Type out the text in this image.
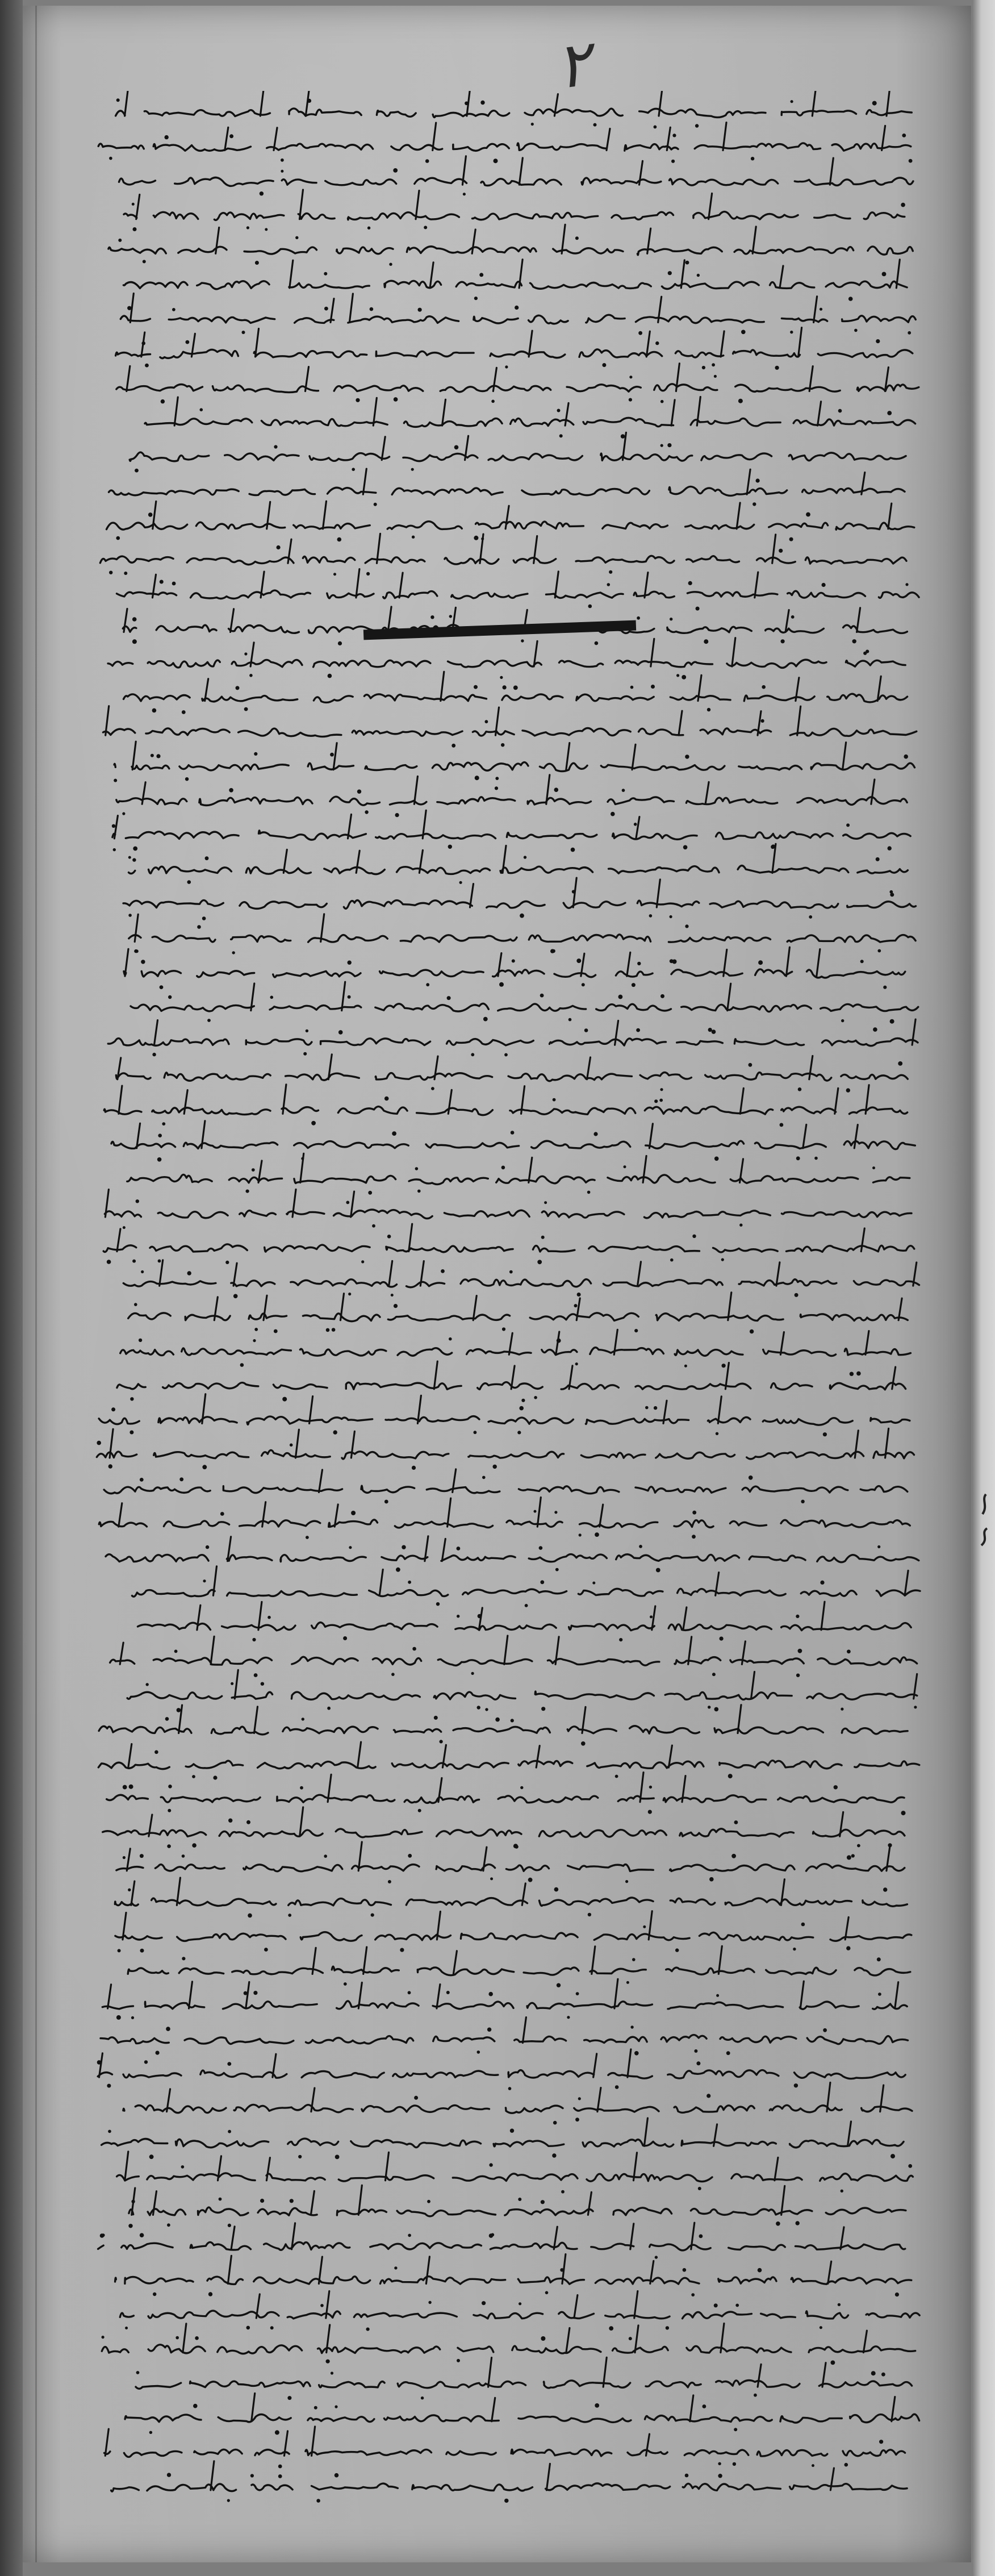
٢
